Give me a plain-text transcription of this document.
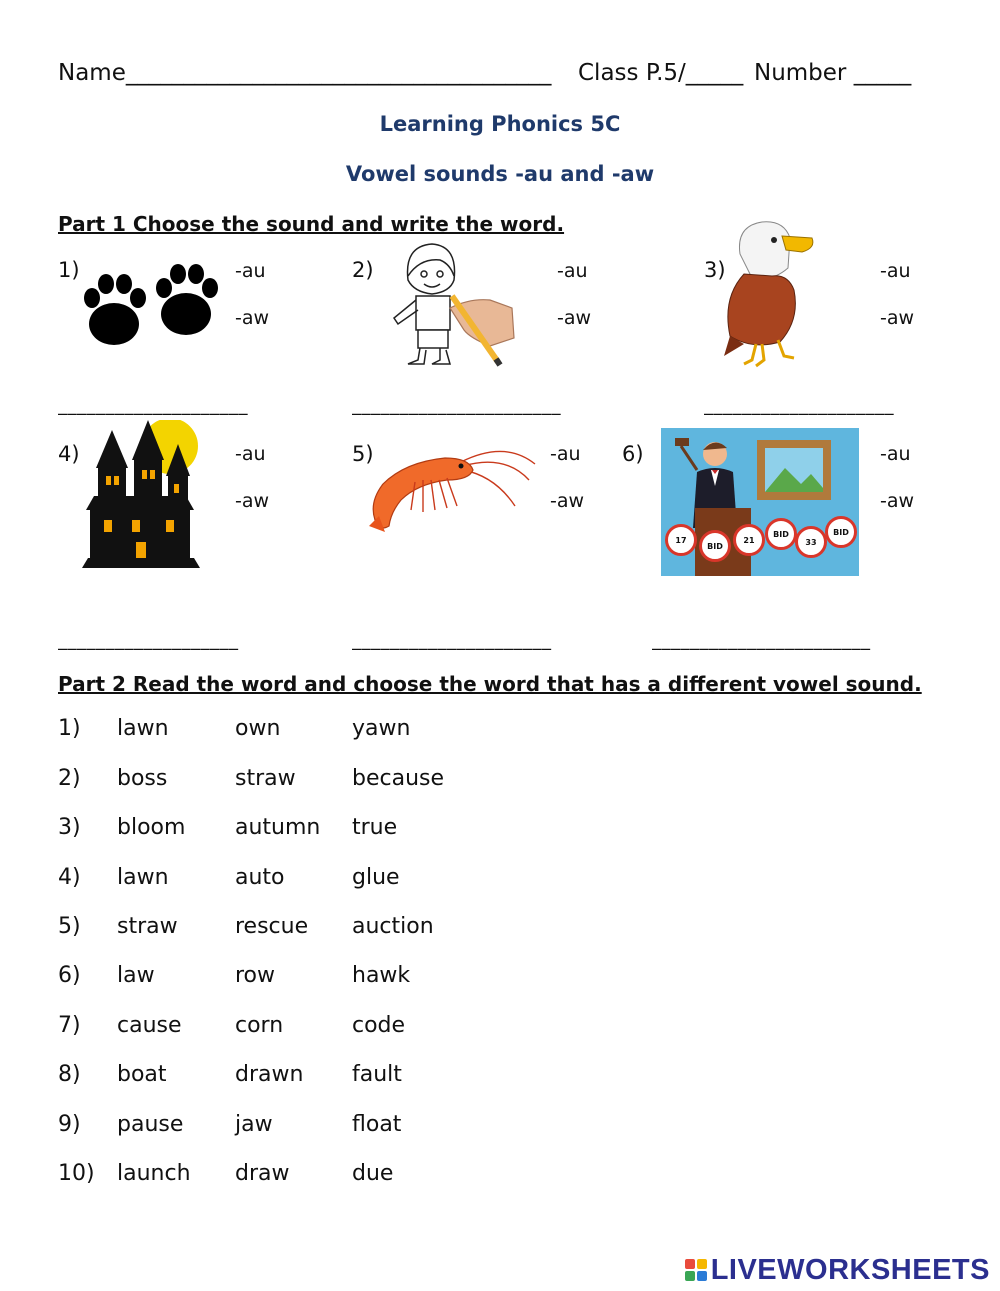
Name_____________________________________ Class P.5/_____ Number _____
Learning Phonics 5C
Vowel sounds -au and -aw
Part 1 Choose the sound and write the word.
1)	-au
-aw
____________________
2)	-au
-aw
______________________
3)	-au
-aw
____________________
4)	-au
-aw
___________________
5)	-au
-aw
_____________________
6)
17
BID
21
BID
33
BID
-au
-aw
_______________________
Part 2 Read the word and choose the word that has a different vowel sound.
1) lawn	own	yawn
2) boss	straw	because
3) bloom autumn true
4) lawn	auto	glue
5) straw	rescue auction
6) law	row	hawk
7) cause corn	code
8) boat	drawn fault
9) pause jaw	float
10) launch draw	due
LIVEWORKSHEETS
